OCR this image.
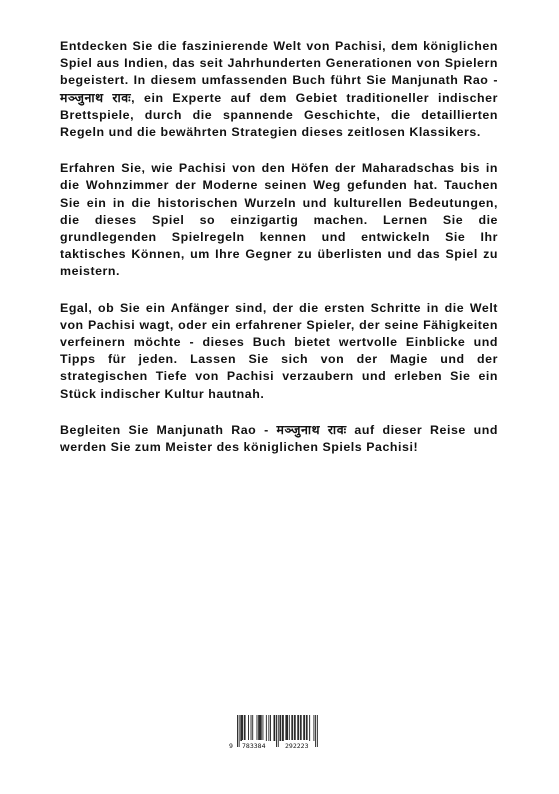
Entdecken Sie die faszinierende Welt von Pachisi, dem königlichen Spiel aus Indien, das seit Jahrhunderten Generationen von Spielern begeistert. In diesem umfassenden Buch führt Sie Manjunath Rao - मञ्जुनाथ रावः, ein Experte auf dem Gebiet traditioneller indischer Brettspiele, durch die spannende Geschichte, die detaillierten Regeln und die bewährten Strategien dieses zeitlosen Klassikers.

Erfahren Sie, wie Pachisi von den Höfen der Maharadschas bis in die Wohnzimmer der Moderne seinen Weg gefunden hat. Tauchen Sie ein in die historischen Wurzeln und kulturellen Bedeutungen, die dieses Spiel so einzigartig machen. Lernen Sie die grundlegenden Spielregeln kennen und entwickeln Sie Ihr taktisches Können, um Ihre Gegner zu überlisten und das Spiel zu meistern.

Egal, ob Sie ein Anfänger sind, der die ersten Schritte in die Welt von Pachisi wagt, oder ein erfahrener Spieler, der seine Fähigkeiten verfeinern möchte - dieses Buch bietet wertvolle Einblicke und Tipps für jeden. Lassen Sie sich von der Magie und der strategischen Tiefe von Pachisi verzaubern und erleben Sie ein Stück indischer Kultur hautnah.

Begleiten Sie Manjunath Rao - मञ्जुनाथ रावः auf dieser Reise und werden Sie zum Meister des königlichen Spiels Pachisi!

9 783384	292223
